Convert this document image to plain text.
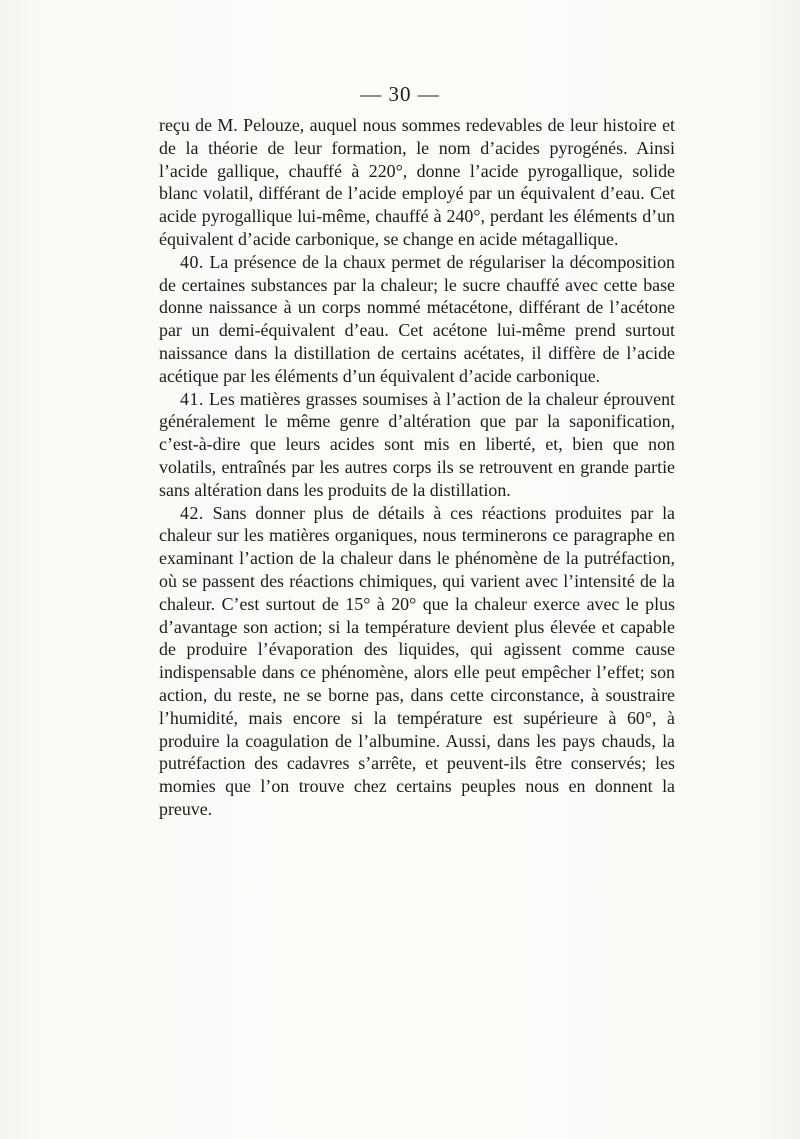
— 30 —

reçu de M. Pelouze, auquel nous sommes redevables de leur histoire et de la théorie de leur formation, le nom d’acides pyrogénés. Ainsi l’acide gallique, chauffé à 220°, donne l’acide pyrogallique, solide blanc volatil, différant de l’acide employé par un équivalent d’eau. Cet acide pyrogallique lui-même, chauffé à 240°, perdant les éléments d’un équivalent d’acide carbonique, se change en acide métagallique.

40. La présence de la chaux permet de régulariser la décomposition de certaines substances par la chaleur; le sucre chauffé avec cette base donne naissance à un corps nommé métacétone, différant de l’acétone par un demi-équivalent d’eau. Cet acétone lui-même prend surtout naissance dans la distillation de certains acétates, il diffère de l’acide acétique par les éléments d’un équivalent d’acide carbonique.

41. Les matières grasses soumises à l’action de la chaleur éprouvent généralement le même genre d’altération que par la saponification, c’est-à-dire que leurs acides sont mis en liberté, et, bien que non volatils, entraînés par les autres corps ils se retrouvent en grande partie sans altération dans les produits de la distillation.

42. Sans donner plus de détails à ces réactions produites par la chaleur sur les matières organiques, nous terminerons ce paragraphe en examinant l’action de la chaleur dans le phénomène de la putréfaction, où se passent des réactions chimiques, qui varient avec l’intensité de la chaleur. C’est surtout de 15° à 20° que la chaleur exerce avec le plus d’avantage son action; si la température devient plus élevée et capable de produire l’évaporation des liquides, qui agissent comme cause indispensable dans ce phénomène, alors elle peut empêcher l’effet; son action, du reste, ne se borne pas, dans cette circonstance, à soustraire l’humidité, mais encore si la température est supérieure à 60°, à produire la coagulation de l’albumine. Aussi, dans les pays chauds, la putréfaction des cadavres s’arrête, et peuvent-ils être conservés; les momies que l’on trouve chez certains peuples nous en donnent la preuve.
